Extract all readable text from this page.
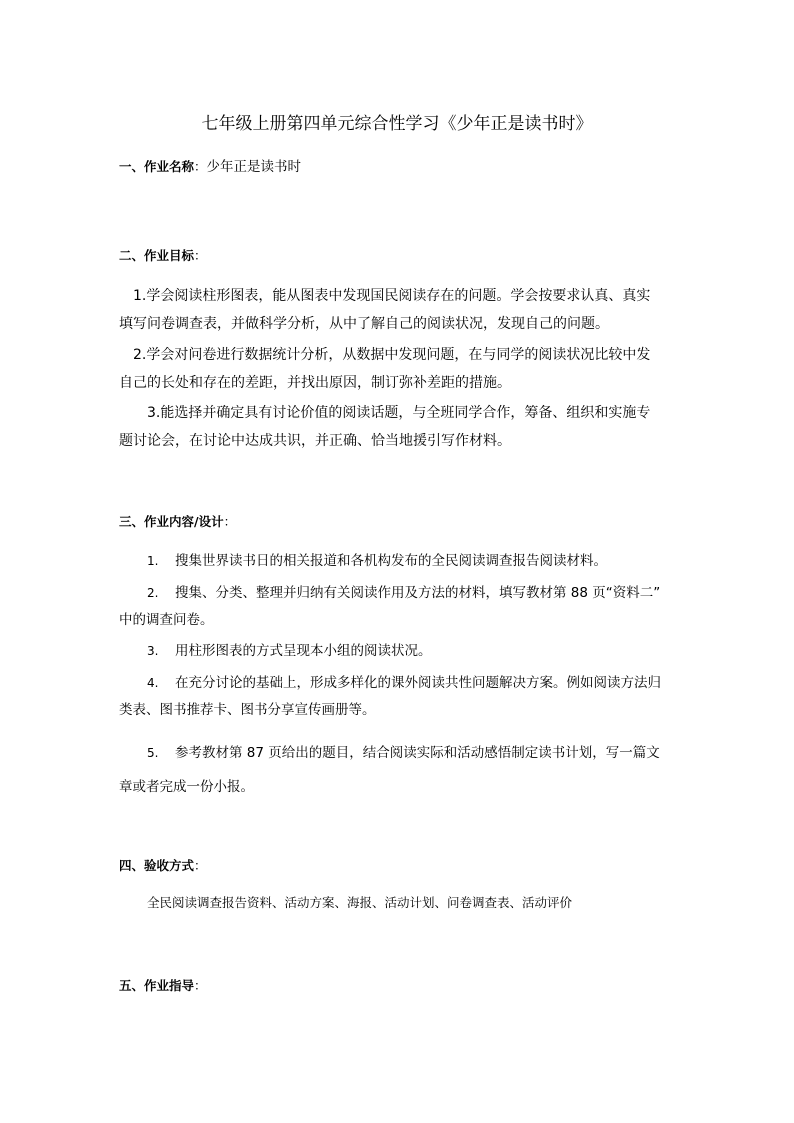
七年级上册第四单元综合性学习《少年正是读书时》
一、作业名称：少年正是读书时
二、作业目标：
1.学会阅读柱形图表，能从图表中发现国民阅读存在的问题。学会按要求认真、真实
填写问卷调查表，并做科学分析，从中了解自己的阅读状况，发现自己的问题。
2.学会对问卷进行数据统计分析，从数据中发现问题，在与同学的阅读状况比较中发
自己的长处和存在的差距，并找出原因，制订弥补差距的措施。
3.能选择并确定具有讨论价值的阅读话题，与全班同学合作，筹备、组织和实施专
题讨论会，在讨论中达成共识，并正确、恰当地援引写作材料。
三、作业内容/设计：
1. 搜集世界读书日的相关报道和各机构发布的全民阅读调查报告阅读材料。
2. 搜集、分类、整理并归纳有关阅读作用及方法的材料，填写教材第 88 页“资料二”
中的调查问卷。
3. 用柱形图表的方式呈现本小组的阅读状况。
4. 在充分讨论的基础上，形成多样化的课外阅读共性问题解决方案。例如阅读方法归
类表、图书推荐卡、图书分享宣传画册等。
5. 参考教材第 87 页给出的题目，结合阅读实际和活动感悟制定读书计划，写一篇文
章或者完成一份小报。
四、验收方式：
全民阅读调查报告资料、活动方案、海报、活动计划、问卷调查表、活动评价
五、作业指导：
